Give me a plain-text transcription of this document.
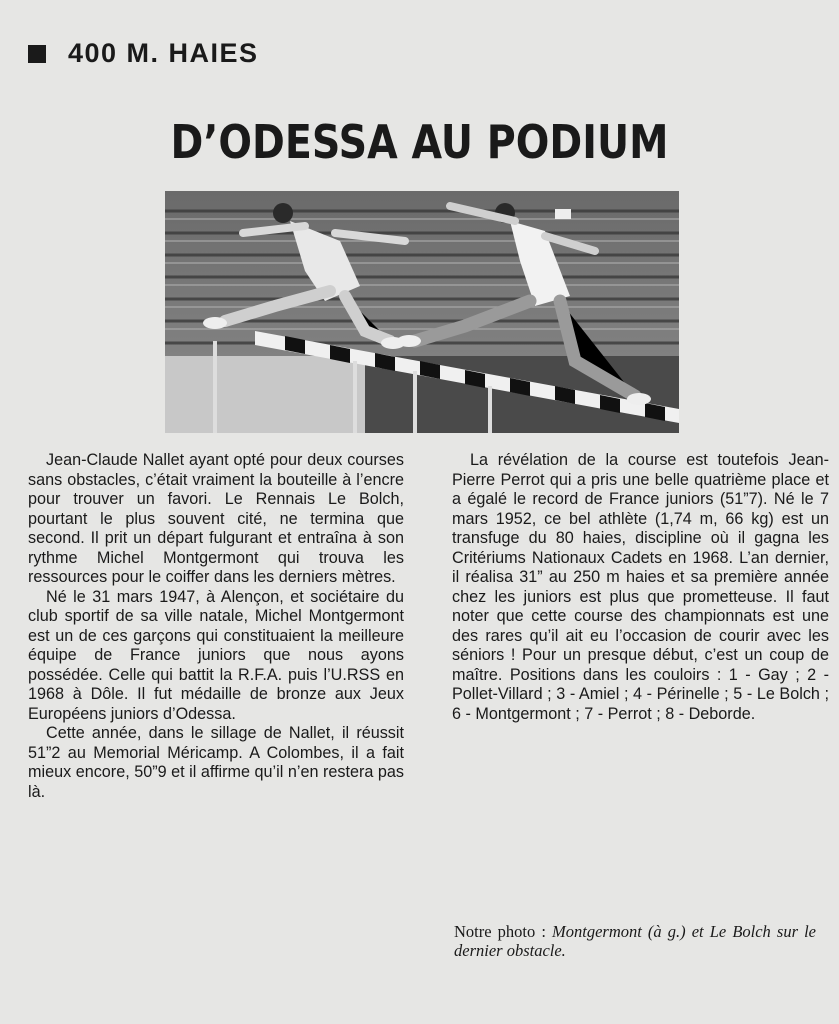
400 M. HAIES
D’ODESSA AU PODIUM

Jean-Claude Nallet ayant opté pour deux courses sans obstacles, c’était vraiment la bouteille à l’encre pour trouver un favori. Le Rennais Le Bolch, pourtant le plus souvent cité, ne termina que second. Il prit un départ fulgurant et entraîna à son rythme Michel Montgermont qui trouva les ressources pour le coiffer dans les derniers mètres.

Né le 31 mars 1947, à Alençon, et sociétaire du club sportif de sa ville natale, Michel Montgermont est un de ces garçons qui constituaient la meilleure équipe de France juniors que nous ayons possédée. Celle qui battit la R.F.A. puis l’U.RSS en 1968 à Dôle. Il fut médaille de bronze aux Jeux Européens juniors d’Odessa.

Cette année, dans le sillage de Nallet, il réussit 51”2 au Memorial Méricamp. A Colombes, il a fait mieux encore, 50”9 et il affirme qu’il n’en restera pas là.

La révélation de la course est toutefois Jean-Pierre Perrot qui a pris une belle quatrième place et a égalé le record de France juniors (51”7). Né le 7 mars 1952, ce bel athlète (1,74 m, 66 kg) est un transfuge du 80 haies, discipline où il gagna les Critériums Nationaux Cadets en 1968. L’an dernier, il réalisa 31” au 250 m haies et sa première année chez les juniors est plus que prometteuse. Il faut noter que cette course des championnats est une des rares qu’il ait eu l’occasion de courir avec les séniors ! Pour un presque début, c’est un coup de maître. Positions dans les couloirs : 1 - Gay ; 2 - Pollet-Villard ; 3 - Amiel ; 4 - Périnelle ; 5 - Le Bolch ; 6 - Montgermont ; 7 - Perrot ; 8 - Deborde.

Notre photo : Montgermont (à g.) et Le Bolch sur le dernier obstacle.
